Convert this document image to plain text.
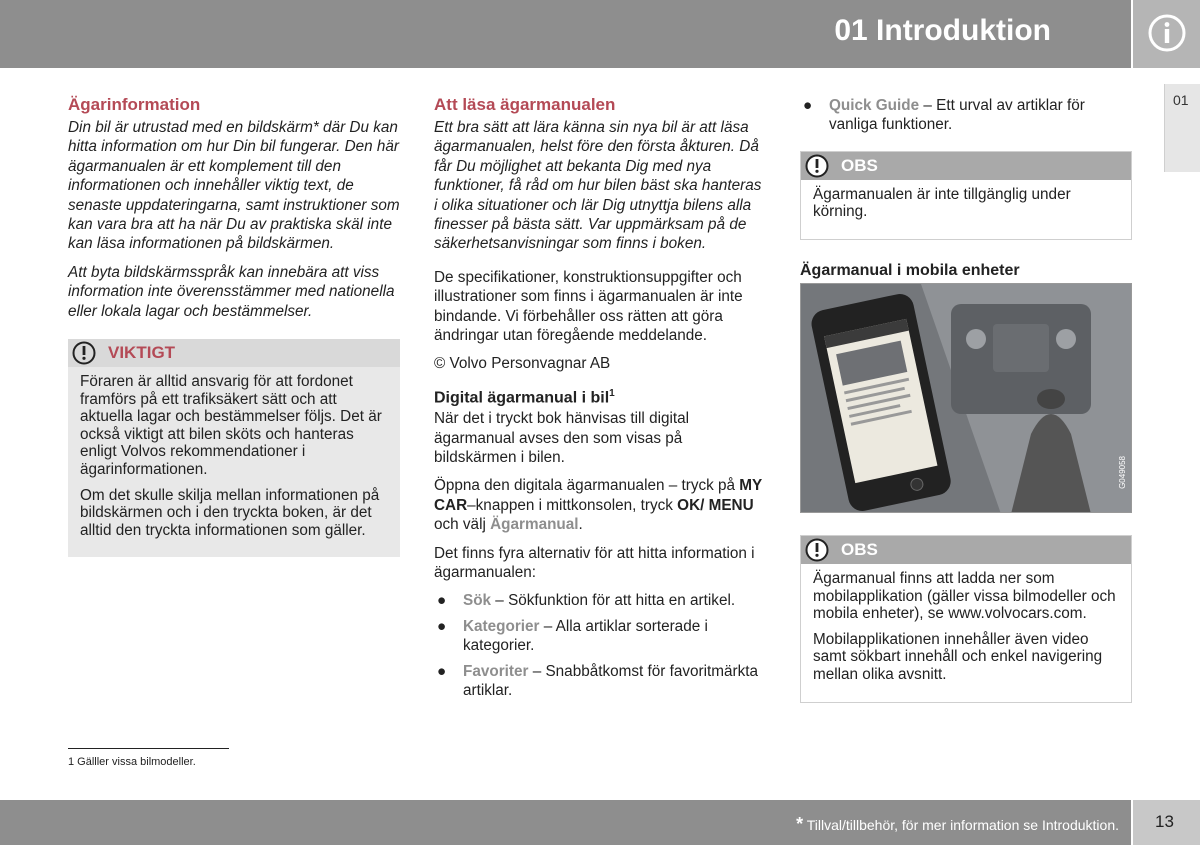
01 Introduktion
01
Ägarinformation

Din bil är utrustad med en bildskärm* där Du kan hitta information om hur Din bil fungerar. Den här ägarmanualen är ett komplement till den informationen och innehåller viktig text, de senaste uppdateringarna, samt instruktioner som kan vara bra att ha när Du av praktiska skäl inte kan läsa informationen på bildskärmen.

Att byta bildskärmsspråk kan innebära att viss information inte överensstämmer med nationella eller lokala lagar och bestämmelser.

VIKTIGT

Föraren är alltid ansvarig för att fordonet framförs på ett trafiksäkert sätt och att aktuella lagar och bestämmelser följs. Det är också viktigt att bilen sköts och hanteras enligt Volvos rekommendationer i ägarinformationen.

Om det skulle skilja mellan informationen på bildskärmen och i den tryckta boken, är det alltid den tryckta informationen som gäller.

Att läsa ägarmanualen

Ett bra sätt att lära känna sin nya bil är att läsa ägarmanualen, helst före den första åkturen. Då får Du möjlighet att bekanta Dig med nya funktioner, få råd om hur bilen bäst ska hanteras i olika situationer och lär Dig utnyttja bilens alla finesser på bästa sätt. Var uppmärksam på de säkerhetsanvisningar som finns i boken.

De specifikationer, konstruktionsuppgifter och illustrationer som finns i ägarmanualen är inte bindande. Vi förbehåller oss rätten att göra ändringar utan föregående meddelande.

© Volvo Personvagnar AB

Digital ägarmanual i bil$^1$

När det i tryckt bok hänvisas till digital ägarmanual avses den som visas på bildskärmen i bilen.

Öppna den digitala ägarmanualen – tryck på MY CAR–knappen i mittkonsolen, tryck OK/ MENU och välj Ägarmanual.

Det finns fyra alternativ för att hitta information i ägarmanualen:

● Sök – Sökfunktion för att hitta en artikel.
● Kategorier – Alla artiklar sorterade i kategorier.
● Favoriter – Snabbåtkomst för favoritmärkta artiklar.
● Quick Guide – Ett urval av artiklar för vanliga funktioner.
OBS

Ägarmanualen är inte tillgänglig under körning.

Ägarmanual i mobila enheter
G049058
OBS

Ägarmanual finns att ladda ner som mobilapplikation (gäller vissa bilmodeller och mobila enheter), se www.volvocars.com.

Mobilapplikationen innehåller även video samt sökbart innehåll och enkel navigering mellan olika avsnitt.

1 Gälller vissa bilmodeller.
* Tillval/tillbehör, för mer information se Introduktion. 13
